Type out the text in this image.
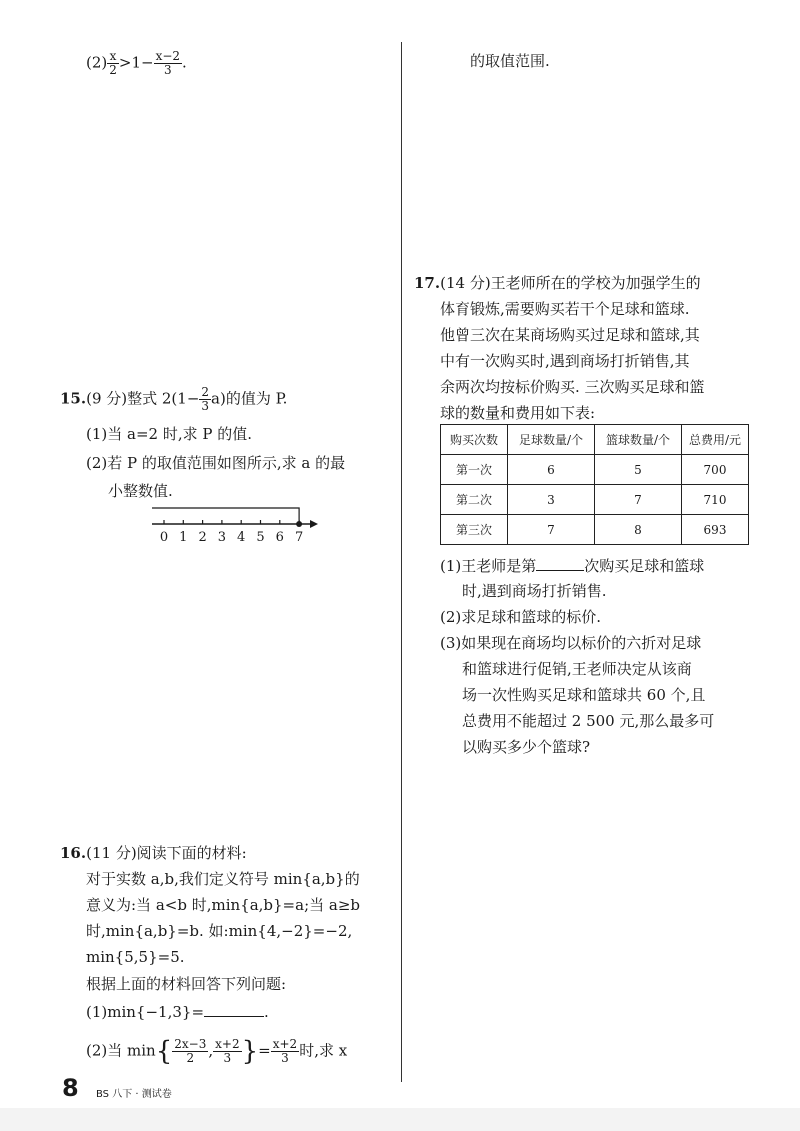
$(2) \frac{x}{2} >1- \frac{x-2}{3}$ .
15.(9 分)整式 $2(1- \frac{2}{3} a)$的值为 P.
(1)当 a=2 时,求 P 的值.
(2)若 P 的取值范围如图所示,求 a 的最
小整数值.
0 1 2 3 4 5 6 7
16.(11 分)阅读下面的材料:
对于实数 a,b,我们定义符号 min{a,b}的
意义为:当 a<b 时,min{a,b}=a;当 a≥b
时,min{a,b}=b. 如:min{4,−2}=−2,
min{5,5}=5.
根据上面的材料回答下列问题:
(1)min{−1,3}=	.
(2)当 $\min\{ \frac{2x-3}{2}$ , $\frac{x+2}{3}$ }= $\frac{x+2}{3}$ 时,求 x
的取值范围.
17.(14 分)王老师所在的学校为加强学生的
体育锻炼,需要购买若干个足球和篮球.
他曾三次在某商场购买过足球和篮球,其
中有一次购买时,遇到商场打折销售,其
余两次均按标价购买. 三次购买足球和篮
球的数量和费用如下表:
购买次数	足球数量/个	篮球数量/个	总费用/元
第一次	6	5	700
第二次	3	7	710
第三次	7	8	693
(1)王老师是第	次购买足球和篮球
时,遇到商场打折销售.
(2)求足球和篮球的标价.
(3)如果现在商场均以标价的六折对足球
和篮球进行促销,王老师决定从该商
场一次性购买足球和篮球共 60 个,且
总费用不能超过 2 500 元,那么最多可
以购买多少个篮球?
8 BS 八下 · 测试卷
